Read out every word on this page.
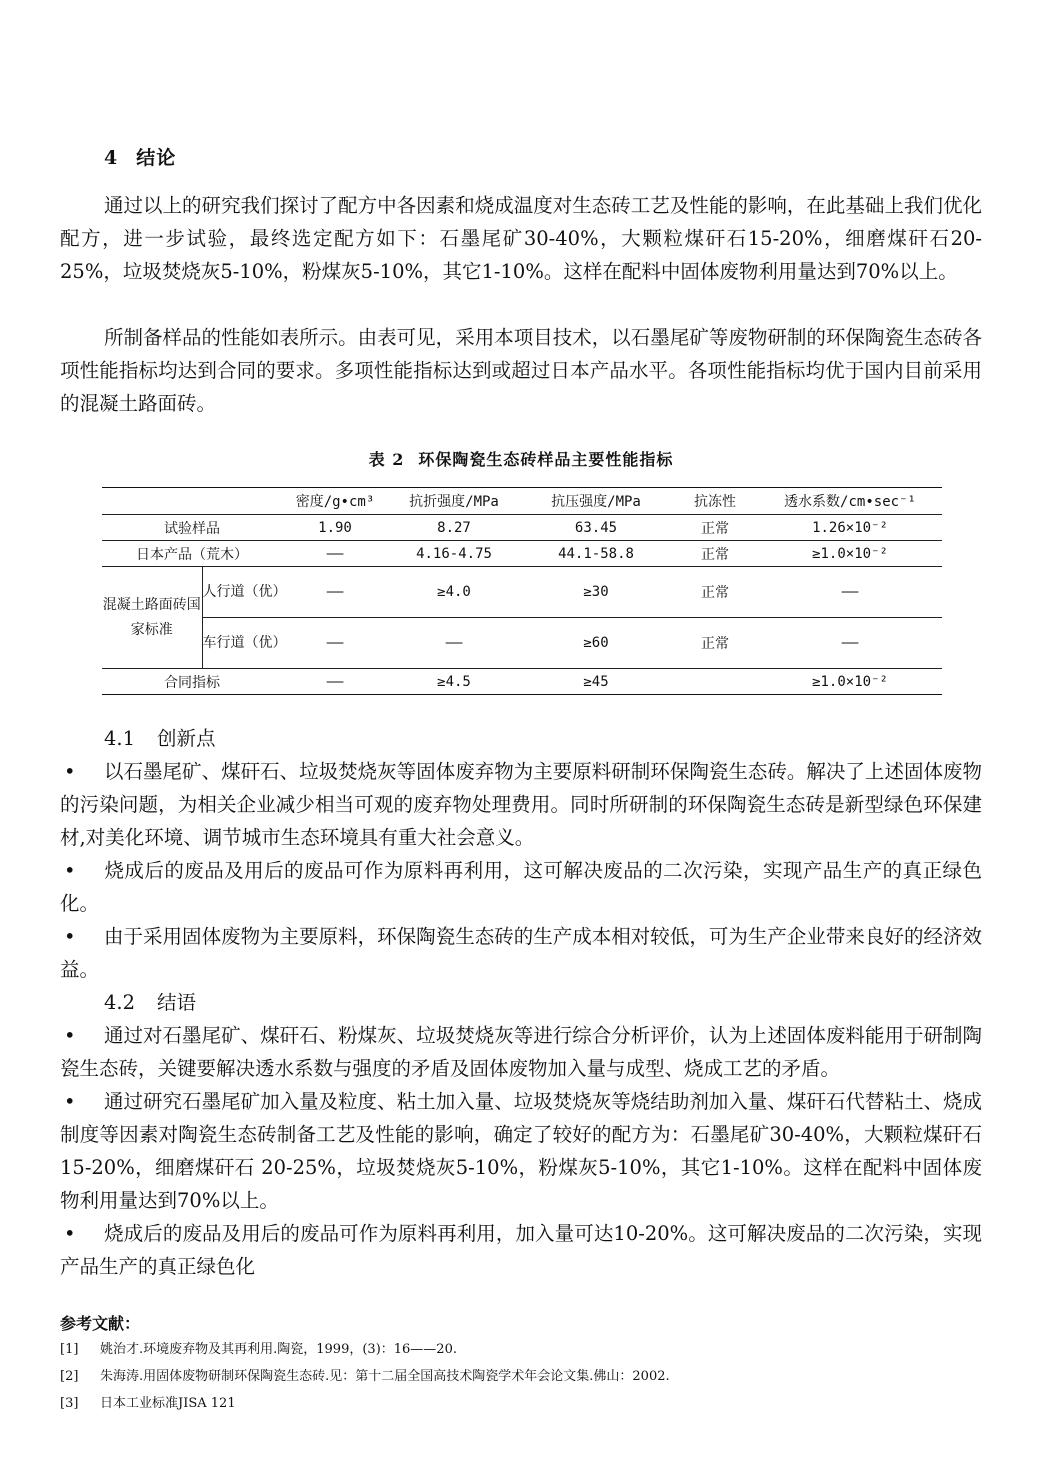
4 结论

通过以上的研究我们探讨了配方中各因素和烧成温度对生态砖工艺及性能的影响，在此基础上我们优化配方，进一步试验，最终选定配方如下：石墨尾矿30-40%，大颗粒煤矸石15-20%，细磨煤矸石20-25%，垃圾焚烧灰5-10%，粉煤灰5-10%，其它1-10%。这样在配料中固体废物利用量达到70%以上。

所制备样品的性能如表所示。由表可见，采用本项目技术，以石墨尾矿等废物研制的环保陶瓷生态砖各项性能指标均达到合同的要求。多项性能指标达到或超过日本产品水平。各项性能指标均优于国内目前采用的混凝土路面砖。

表 2 环保陶瓷生态砖样品主要性能指标
		密度/g•cm³	抗折强度/MPa	抗压强度/MPa	抗冻性	透水系数/cm•sec⁻¹
试验样品		1.90	8.27	63.45	正常	1.26×10⁻²
日本产品（荒木）		——	4.16-4.75	44.1-58.8	正常	≥1.0×10⁻²
混凝土路面砖国家标准	人行道（优）	——	≥4.0	≥30	正常	——
	车行道（优）	——	——	≥60	正常	——
合同指标		——	≥4.5	≥45		≥1.0×10⁻²
4.1 创新点

• 以石墨尾矿、煤矸石、垃圾焚烧灰等固体废弃物为主要原料研制环保陶瓷生态砖。解决了上述固体废物的污染问题，为相关企业减少相当可观的废弃物处理费用。同时所研制的环保陶瓷生态砖是新型绿色环保建材,对美化环境、调节城市生态环境具有重大社会意义。

• 烧成后的废品及用后的废品可作为原料再利用，这可解决废品的二次污染，实现产品生产的真正绿色化。

• 由于采用固体废物为主要原料，环保陶瓷生态砖的生产成本相对较低，可为生产企业带来良好的经济效益。

4.2 结语

• 通过对石墨尾矿、煤矸石、粉煤灰、垃圾焚烧灰等进行综合分析评价，认为上述固体废料能用于研制陶瓷生态砖，关键要解决透水系数与强度的矛盾及固体废物加入量与成型、烧成工艺的矛盾。

• 通过研究石墨尾矿加入量及粒度、粘土加入量、垃圾焚烧灰等烧结助剂加入量、煤矸石代替粘土、烧成制度等因素对陶瓷生态砖制备工艺及性能的影响，确定了较好的配方为：石墨尾矿30-40%，大颗粒煤矸石15-20%，细磨煤矸石 20-25%，垃圾焚烧灰5-10%，粉煤灰5-10%，其它1-10%。这样在配料中固体废物利用量达到70%以上。

• 烧成后的废品及用后的废品可作为原料再利用，加入量可达10-20%。这可解决废品的二次污染，实现产品生产的真正绿色化

参考文献：
[1] 姚治才.环境废弃物及其再利用.陶瓷，1999，(3)：16——20.
[2] 朱海涛.用固体废物研制环保陶瓷生态砖.见：第十二届全国高技术陶瓷学术年会论文集.佛山：2002.
[3] 日本工业标准JISA 121
